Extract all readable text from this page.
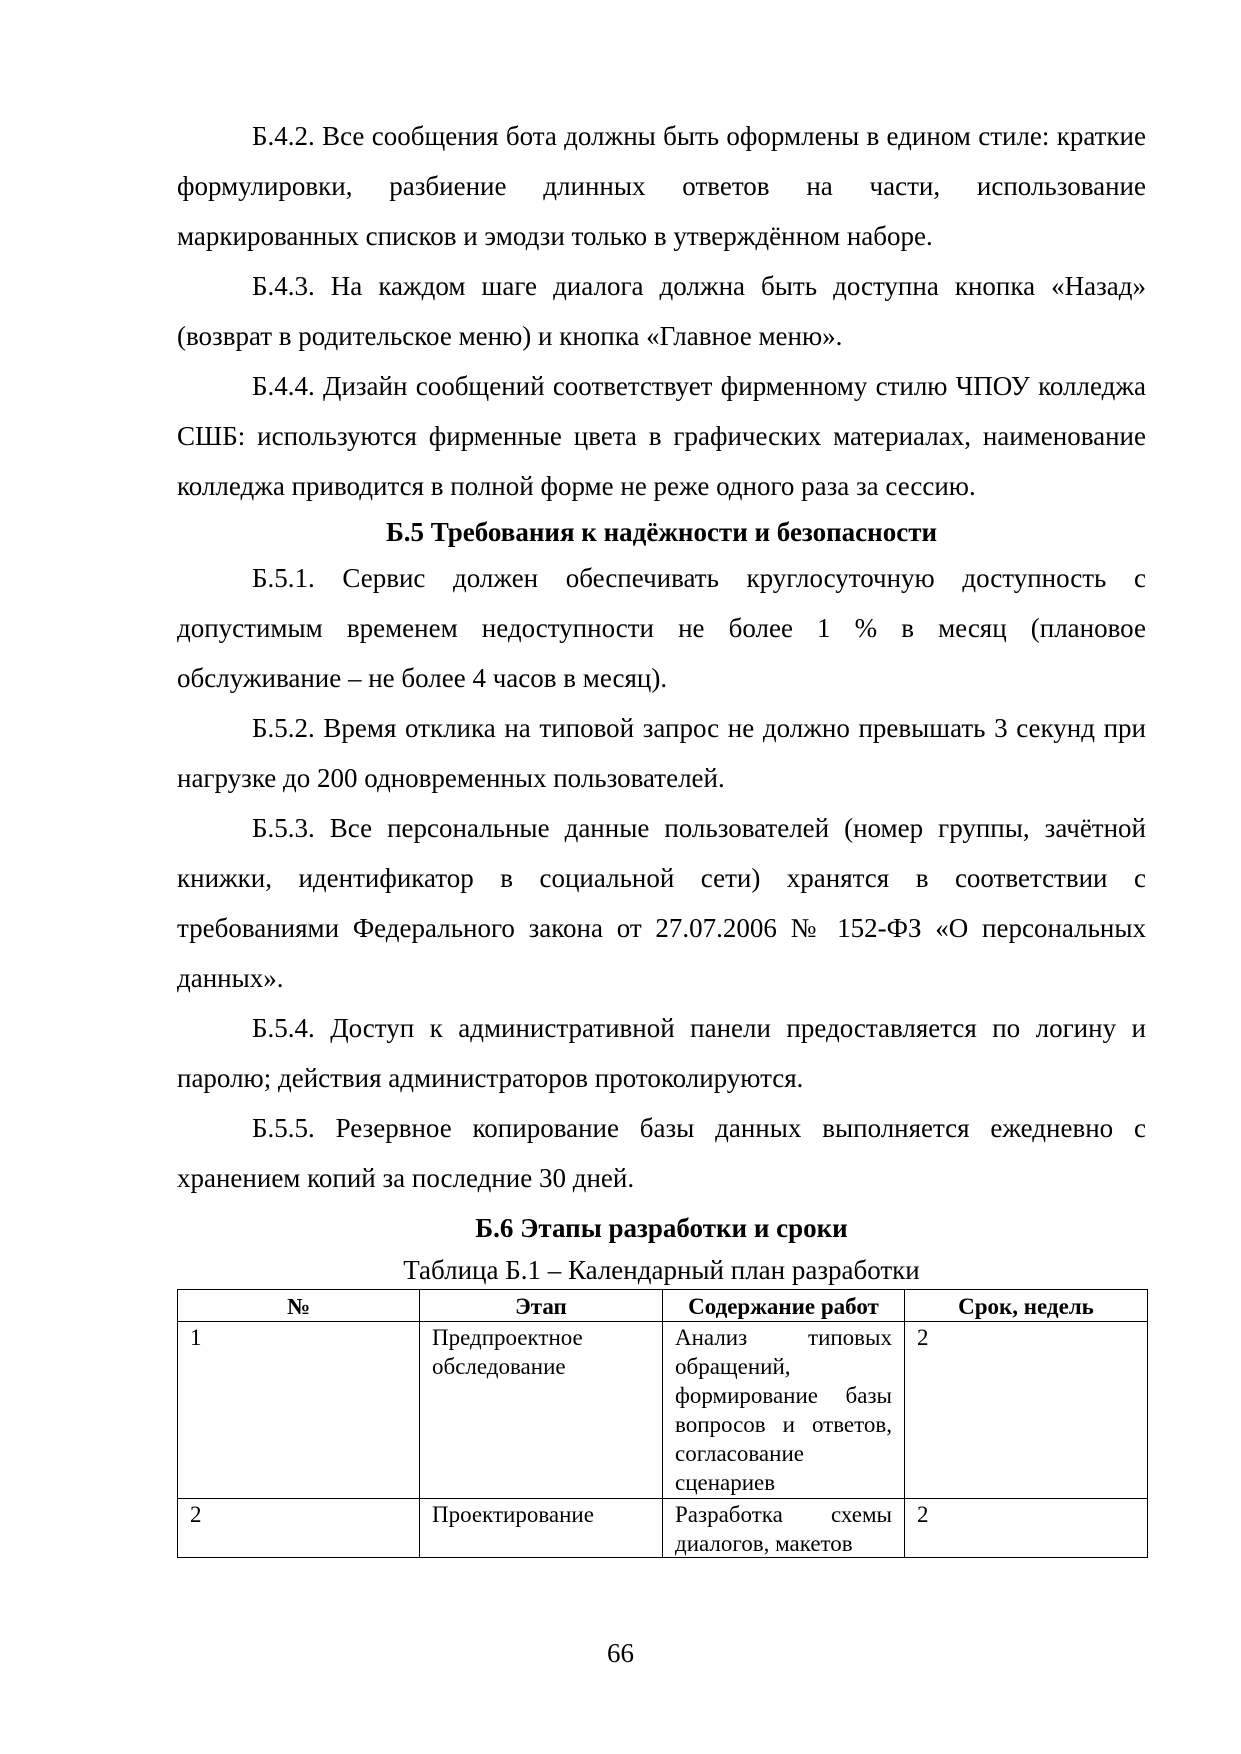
Б.4.2. Все сообщения бота должны быть оформлены в едином стиле: краткие формулировки, разбиение длинных ответов на части, использование маркированных списков и эмодзи только в утверждённом наборе.

Б.4.3. На каждом шаге диалога должна быть доступна кнопка «Назад» (возврат в родительское меню) и кнопка «Главное меню».

Б.4.4. Дизайн сообщений соответствует фирменному стилю ЧПОУ колледжа СШБ: используются фирменные цвета в графических материалах, наименование колледжа приводится в полной форме не реже одного раза за сессию.

Б.5 Требования к надёжности и безопасности

Б.5.1. Сервис должен обеспечивать круглосуточную доступность с допустимым временем недоступности не более 1 % в месяц (плановое обслуживание – не более 4 часов в месяц).

Б.5.2. Время отклика на типовой запрос не должно превышать 3 секунд при нагрузке до 200 одновременных пользователей.

Б.5.3. Все персональные данные пользователей (номер группы, зачётной книжки, идентификатор в социальной сети) хранятся в соответствии с требованиями Федерального закона от 27.07.2006 № 152-ФЗ «О персональных данных».

Б.5.4. Доступ к административной панели предоставляется по логину и паролю; действия администраторов протоколируются.

Б.5.5. Резервное копирование базы данных выполняется ежедневно с хранением копий за последние 30 дней.

Б.6 Этапы разработки и сроки

Таблица Б.1 – Календарный план разработки

№	Этап	Содержание работ	Срок, недель
1	Предпроектное обследование	Анализ типовых обращений, формирование базы вопросов и ответов, согласование сценариев	2

2	Проектирование	Разработка схемы диалогов, макетов	2
66
